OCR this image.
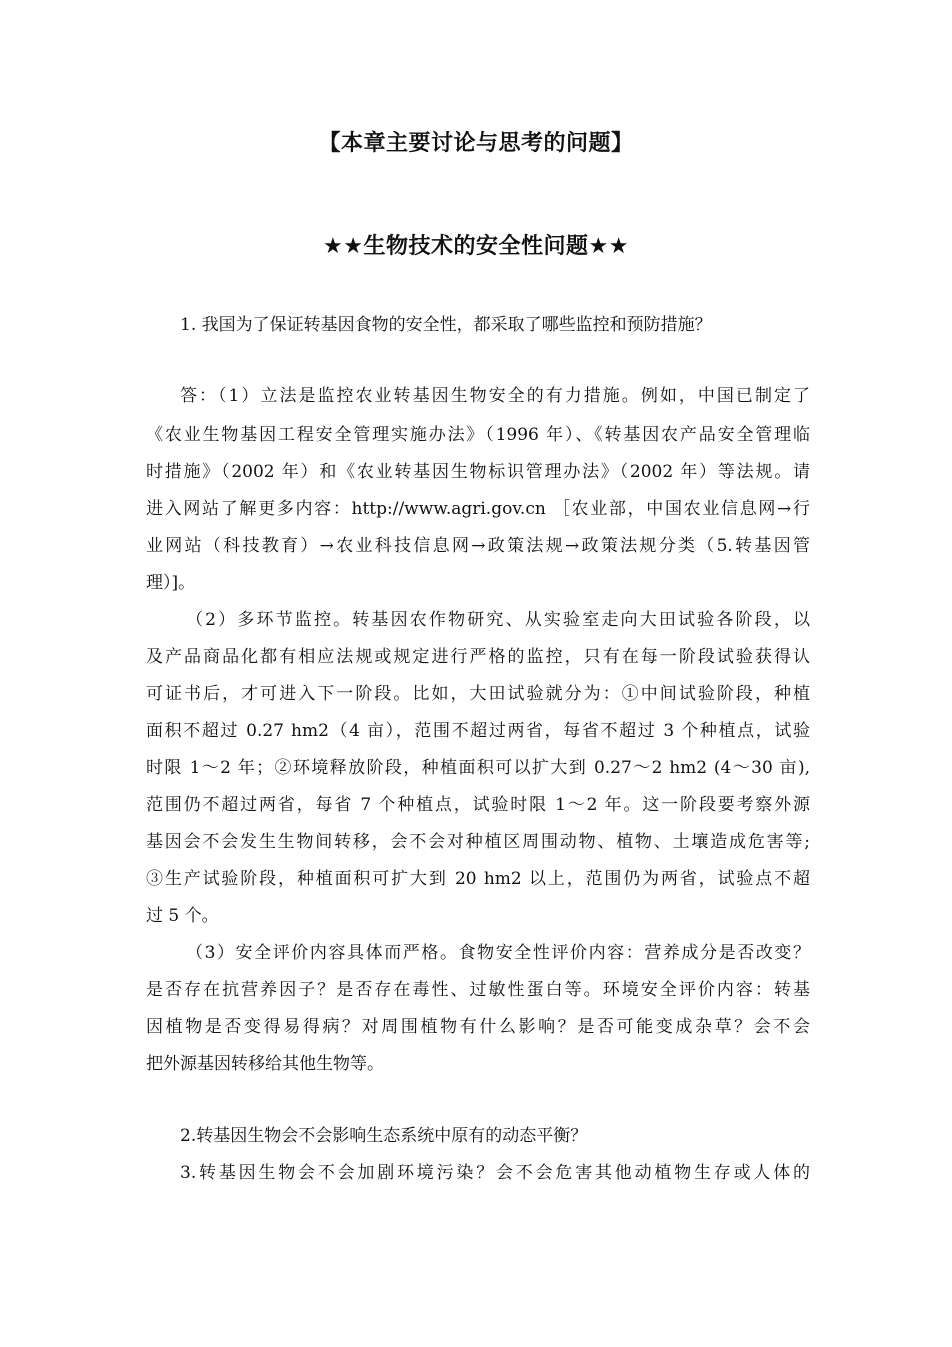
【本章主要讨论与思考的问题】
★★生物技术的安全性问题★★
1. 我国为了保证转基因食物的安全性，都采取了哪些监控和预防措施？
答：（1）立法是监控农业转基因生物安全的有力措施。例如，中国已制定了
《农业生物基因工程安全管理实施办法》（1996 年）、《转基因农产品安全管理临
时措施》（2002 年）和《农业转基因生物标识管理办法》（2002 年）等法规。请
进入网站了解更多内容：http://www.agri.gov.cn ［农业部，中国农业信息网→行
业网站（科技教育）→农业科技信息网→政策法规→政策法规分类（5.转基因管
理）]。
（2）多环节监控。转基因农作物研究、从实验室走向大田试验各阶段，以
及产品商品化都有相应法规或规定进行严格的监控，只有在每一阶段试验获得认
可证书后，才可进入下一阶段。比如，大田试验就分为：①中间试验阶段，种植
面积不超过 0.27 hm2（4 亩），范围不超过两省，每省不超过 3 个种植点，试验
时限 1～2 年；②环境释放阶段，种植面积可以扩大到 0.27～2 hm2 (4～30 亩),
范围仍不超过两省，每省 7 个种植点，试验时限 1～2 年。这一阶段要考察外源
基因会不会发生生物间转移，会不会对种植区周围动物、植物、土壤造成危害等;
③生产试验阶段，种植面积可扩大到 20 hm2 以上，范围仍为两省，试验点不超
过 5 个。
（3）安全评价内容具体而严格。食物安全性评价内容：营养成分是否改变？
是否存在抗营养因子？是否存在毒性、过敏性蛋白等。环境安全评价内容：转基
因植物是否变得易得病？对周围植物有什么影响？是否可能变成杂草？会不会
把外源基因转移给其他生物等。
2.转基因生物会不会影响生态系统中原有的动态平衡？
3.转基因生物会不会加剧环境污染？会不会危害其他动植物生存或人体的
